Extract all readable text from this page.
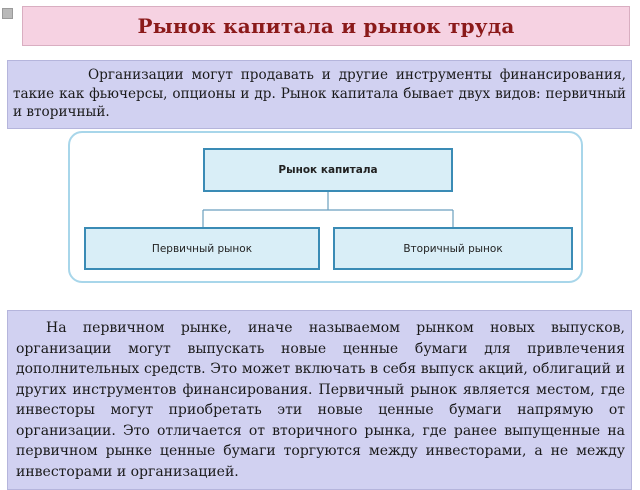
Рынок капитала и рынок труда

Организации могут продавать и другие инструменты финансирования, такие как фьючерсы, опционы и др. Рынок капитала бывает двух видов: первичный и вторичный.

Рынок капитала
Первичный рынок	Вторичный рынок

На первичном рынке, иначе называемом рынком новых выпусков, организации могут выпускать новые ценные бумаги для привлечения дополнительных средств. Это может включать в себя выпуск акций, облигаций и других инструментов финансирования. Первичный рынок является местом, где инвесторы могут приобретать эти новые ценные бумаги напрямую от организации. Это отличается от вторичного рынка, где ранее выпущенные на первичном рынке ценные бумаги торгуются между инвесторами, а не между инвесторами и организацией.
